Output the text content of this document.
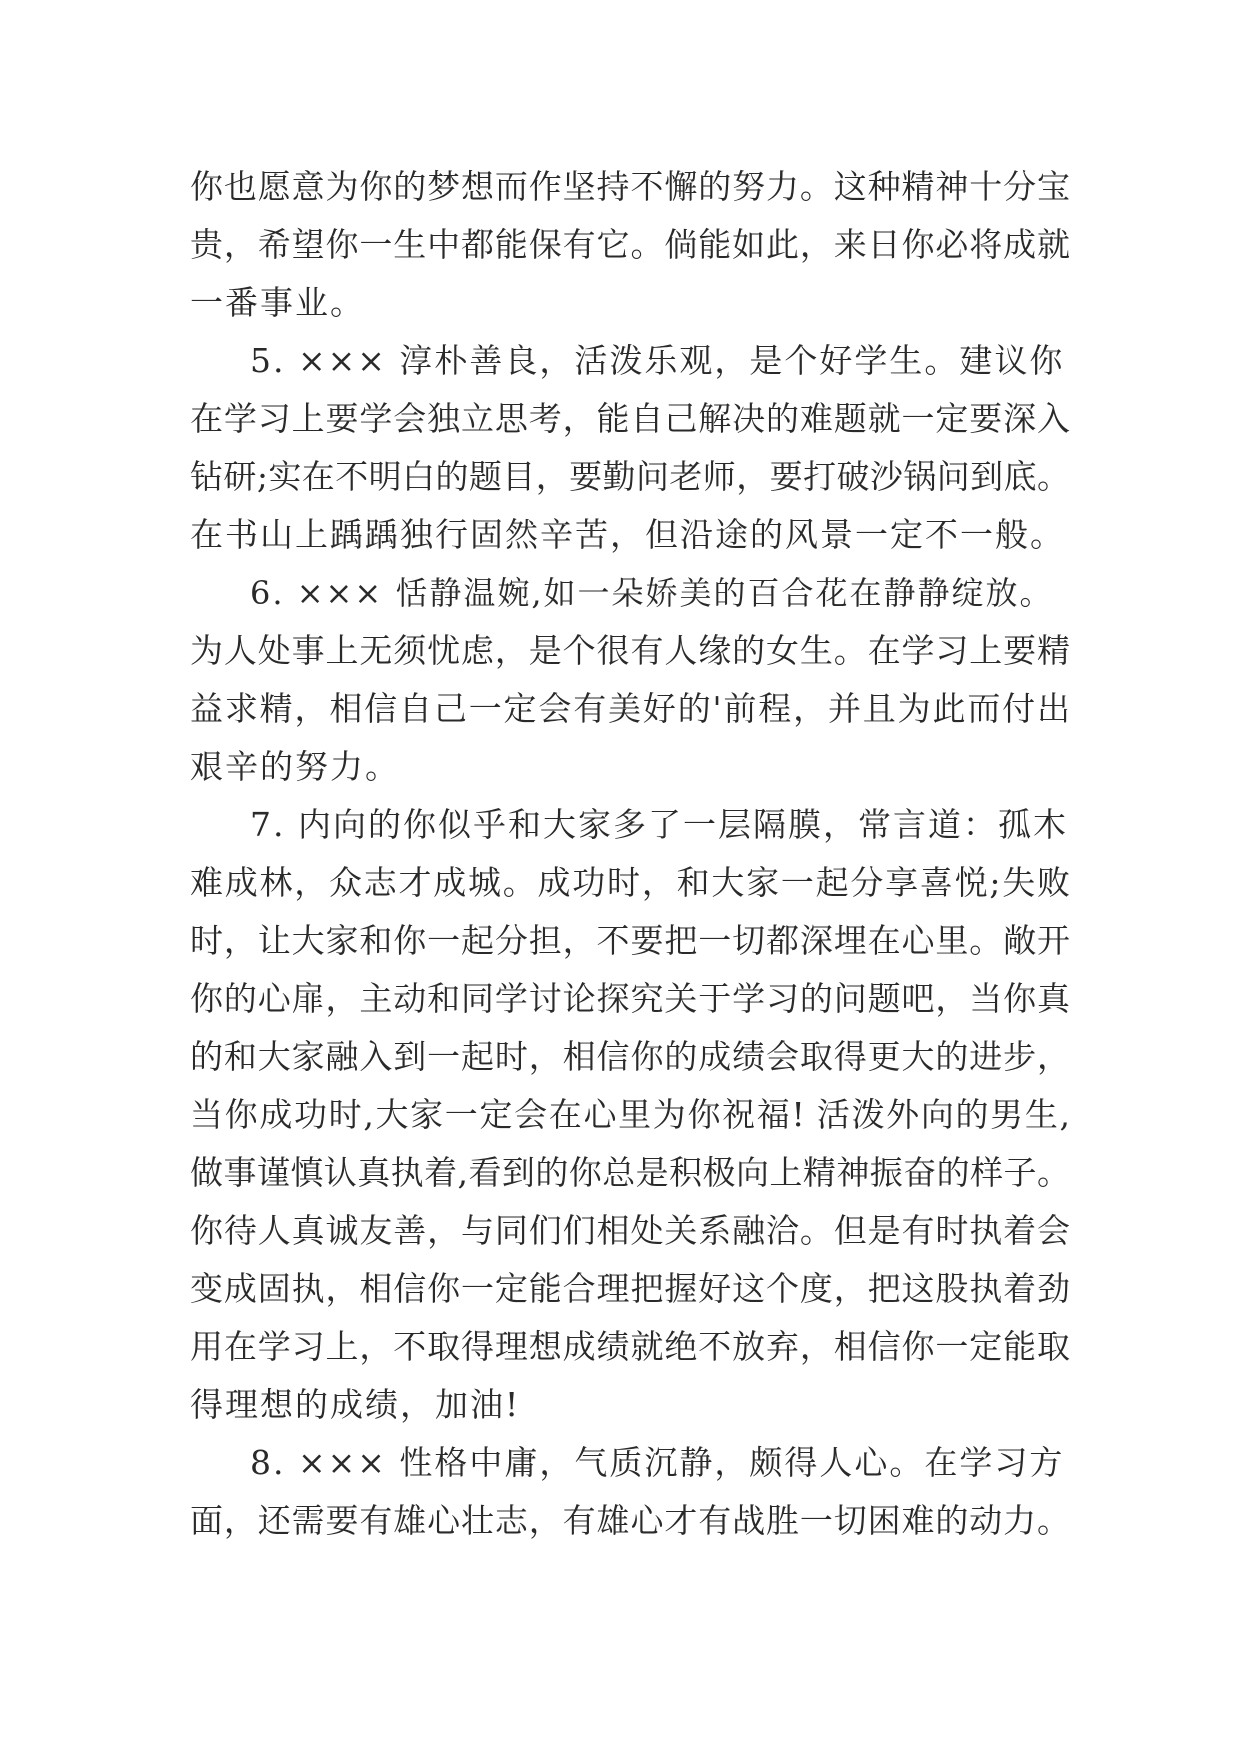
你也愿意为你的梦想而作坚持不懈的努力。这种精神十分宝
贵，希望你一生中都能保有它。倘能如此，来日你必将成就
一番事业。
5. ××× 淳朴善良，活泼乐观，是个好学生。建议你
在学习上要学会独立思考，能自己解决的难题就一定要深入
钻研;实在不明白的题目，要勤问老师，要打破沙锅问到底。
在书山上踽踽独行固然辛苦，但沿途的风景一定不一般。
6. ××× 恬静温婉,如一朵娇美的百合花在静静绽放。
为人处事上无须忧虑，是个很有人缘的女生。在学习上要精
益求精，相信自己一定会有美好的'前程，并且为此而付出
艰辛的努力。
7. 内向的你似乎和大家多了一层隔膜，常言道：孤木
难成林，众志才成城。成功时，和大家一起分享喜悦;失败
时，让大家和你一起分担，不要把一切都深埋在心里。敞开
你的心扉，主动和同学讨论探究关于学习的问题吧，当你真
的和大家融入到一起时，相信你的成绩会取得更大的进步，
当你成功时,大家一定会在心里为你祝福! 活泼外向的男生,
做事谨慎认真执着,看到的你总是积极向上精神振奋的样子。
你待人真诚友善，与同们们相处关系融洽。但是有时执着会
变成固执，相信你一定能合理把握好这个度，把这股执着劲
用在学习上，不取得理想成绩就绝不放弃，相信你一定能取
得理想的成绩，加油!
8. ××× 性格中庸，气质沉静，颇得人心。在学习方
面，还需要有雄心壮志，有雄心才有战胜一切困难的动力。
